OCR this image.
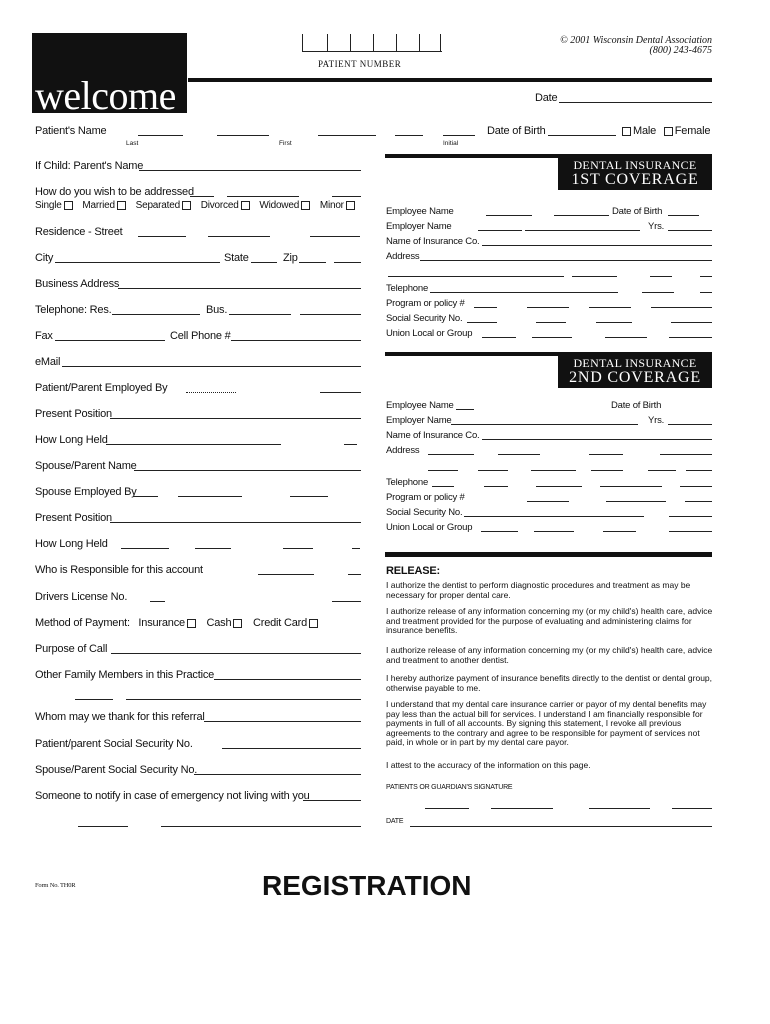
welcome
PATIENT NUMBER
© 2001 Wisconsin Dental Association
(800) 243-4675
Date
Patient's Name
Last	First	Initial
Date of Birth	Male Female
If Child: Parent's Name
How do you wish to be addressed
Single Married Separated Divorced Widowed Minor
Residence - Street
City	State	Zip
Business Address
Telephone: Res.	Bus.
Fax	Cell Phone #
eMail
Patient/Parent Employed By
Present Position
How Long Held
Spouse/Parent Name
Spouse Employed By
Present Position
How Long Held
Who is Responsible for this account
Drivers License No.
Method of Payment: Insurance Cash Credit Card
Purpose of Call
Other Family Members in this Practice
Whom may we thank for this referral
Patient/parent Social Security No.
Spouse/Parent Social Security No.
Someone to notify in case of emergency not living with you
DENTAL INSURANCE
1ST COVERAGE
Employee Name	Date of Birth
Employer Name	Yrs.
Name of Insurance Co.
Address
Telephone
Program or policy #
Social Security No.
Union Local or Group
DENTAL INSURANCE
2ND COVERAGE
Employee Name	Date of Birth
Employer Name	Yrs.
Name of Insurance Co.
Address
Telephone
Program or policy #
Social Security No.
Union Local or Group
RELEASE:
I authorize the dentist to perform diagnostic procedures and treatment as may be necessary for proper dental care.
I authorize release of any information concerning my (or my child's) health care, advice and treatment provided for the purpose of evaluating and administering claims for insurance benefits.
I authorize release of any information concerning my (or my child's) health care, advice and treatment to another dentist.
I hereby authorize payment of insurance benefits directly to the dentist or dental group, otherwise payable to me.
I understand that my dental care insurance carrier or payor of my dental benefits may pay less than the actual bill for services. I understand I am financially responsible for payments in full of all accounts. By signing this statement, I revoke all previous agreements to the contrary and agree to be responsible for payment of services not paid, in whole or in part by my dental care payor.
I attest to the accuracy of the information on this page.
PATIENTS OR GUARDIAN'S SIGNATURE
DATE
Form No. TH0R	REGISTRATION
